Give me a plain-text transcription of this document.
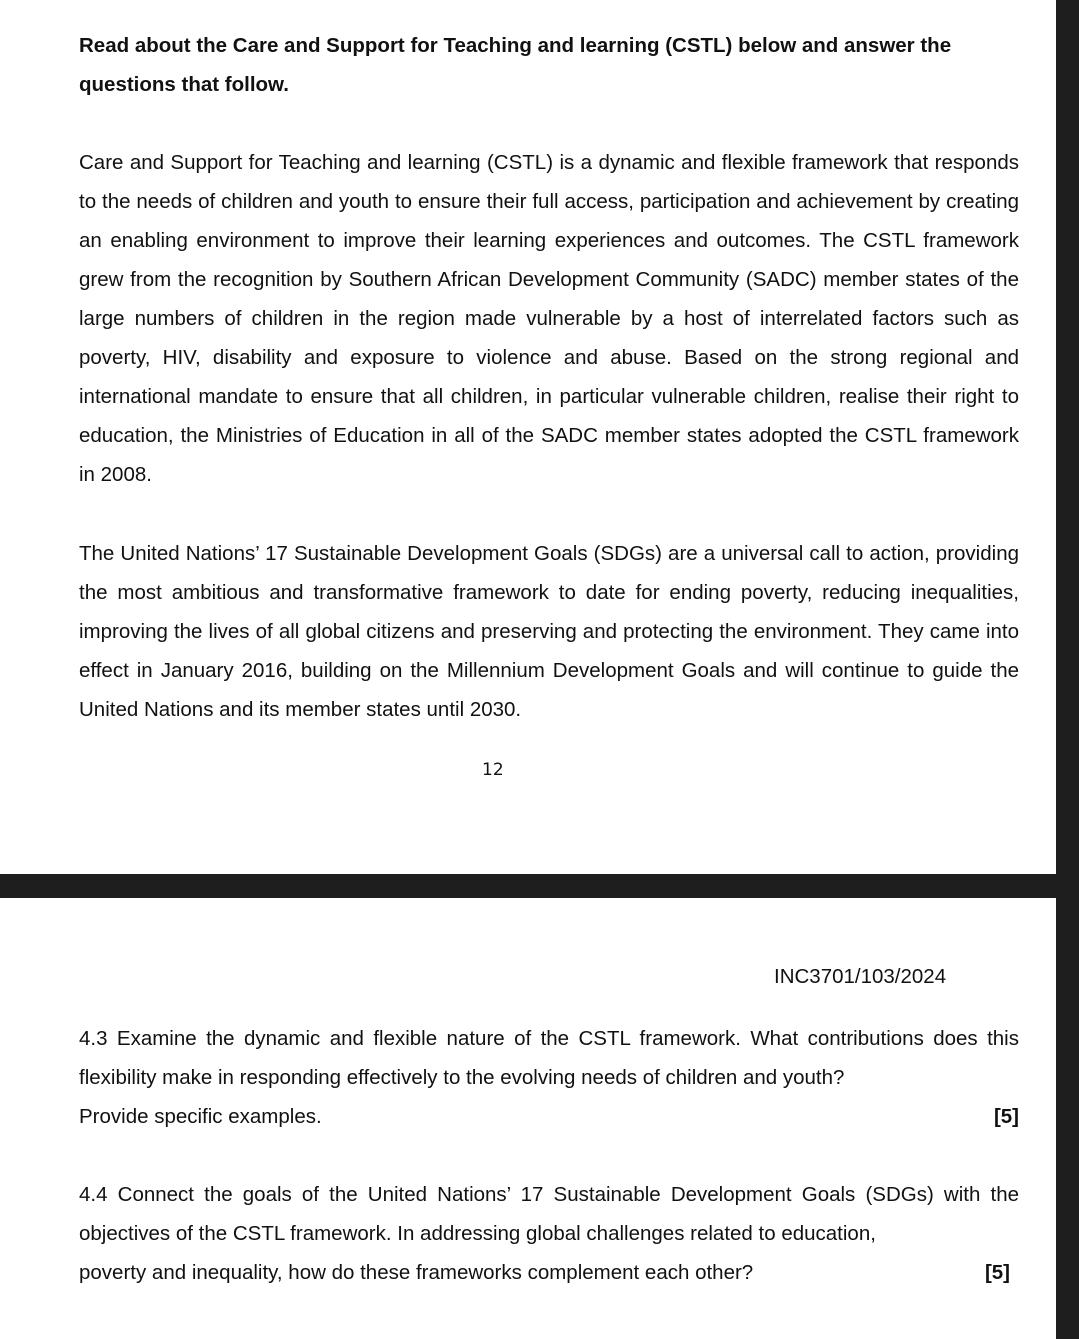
Read about the Care and Support for Teaching and learning (CSTL) below and answer the questions that follow.

Care and Support for Teaching and learning (CSTL) is a dynamic and flexible framework that responds to the needs of children and youth to ensure their full access, participation and achievement by creating an enabling environment to improve their learning experiences and outcomes. The CSTL framework grew from the recognition by Southern African Development Community (SADC) member states of the large numbers of children in the region made vulnerable by a host of interrelated factors such as poverty, HIV, disability and exposure to violence and abuse. Based on the strong regional and international mandate to ensure that all children, in particular vulnerable children, realise their right to education, the Ministries of Education in all of the SADC member states adopted the CSTL framework in 2008.

The United Nations’ 17 Sustainable Development Goals (SDGs) are a universal call to action, providing the most ambitious and transformative framework to date for ending poverty, reducing inequalities, improving the lives of all global citizens and preserving and protecting the environment. They came into effect in January 2016, building on the Millennium Development Goals and will continue to guide the United Nations and its member states until 2030.

12
INC3701/103/2024
4.3 Examine the dynamic and flexible nature of the CSTL framework. What contributions does this flexibility make in responding effectively to the evolving needs of children and youth?
Provide specific examples.	[5]
4.4 Connect the goals of the United Nations’ 17 Sustainable Development Goals (SDGs) with the objectives of the CSTL framework. In addressing global challenges related to education,
poverty and inequality, how do these frameworks complement each other?	[5]
